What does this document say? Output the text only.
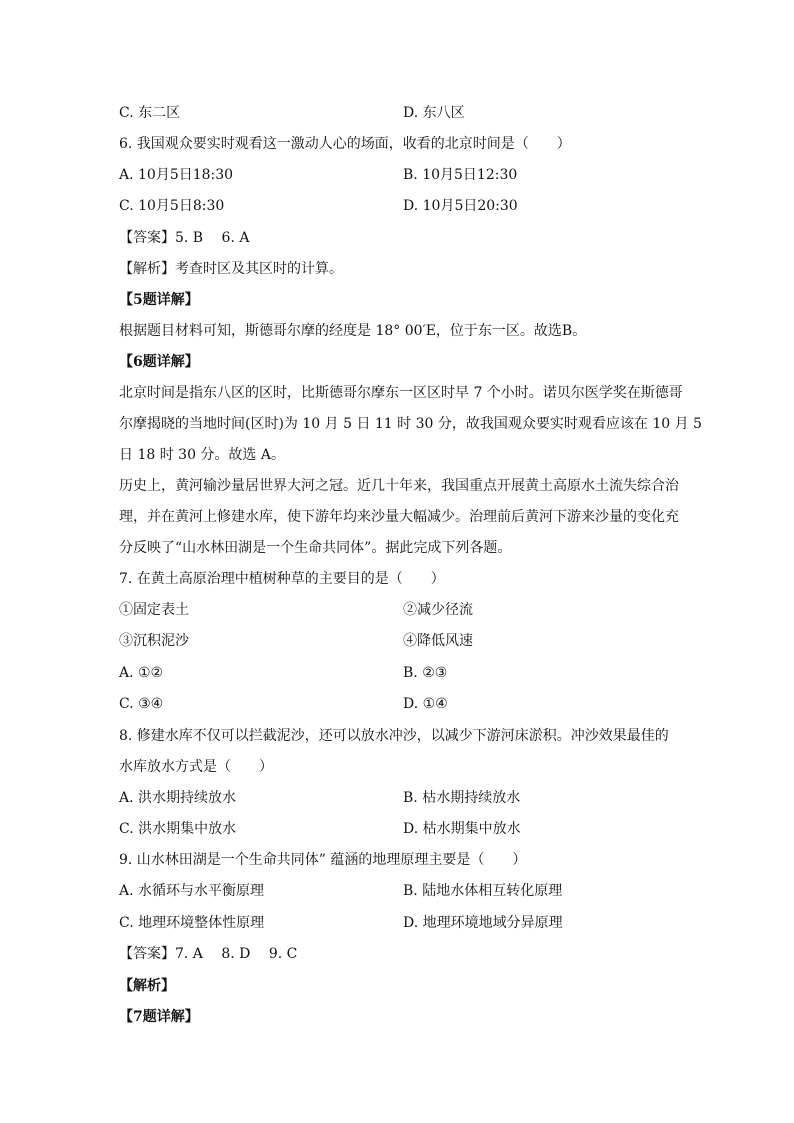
C. 东二区	D. 东八区
6. 我国观众要实时观看这一激动人心的场面，收看的北京时间是（　　）
A. 10月5日18:30	B. 10月5日12:30
C. 10月5日8:30	D. 10月5日20:30
【答案】5. B　 6. A
【解析】考查时区及其区时的计算。
【5题详解】
根据题目材料可知，斯德哥尔摩的经度是 18° 00′E，位于东一区。故选B。
【6题详解】
北京时间是指东八区的区时，比斯德哥尔摩东一区区时早 7 个小时。诺贝尔医学奖在斯德哥
尔摩揭晓的当地时间(区时)为 10 月 5 日 11 时 30 分，故我国观众要实时观看应该在 10 月 5
日 18 时 30 分。故选 A。
历史上，黄河输沙量居世界大河之冠。近几十年来，我国重点开展黄土高原水土流失综合治
理，并在黄河上修建水库，使下游年均来沙量大幅减少。治理前后黄河下游来沙量的变化充
分反映了“山水林田湖是一个生命共同体”。据此完成下列各题。
7. 在黄土高原治理中植树种草的主要目的是（　　）
①固定表土	②减少径流
③沉积泥沙	④降低风速
A. ①②	B. ②③
C. ③④	D. ①④
8. 修建水库不仅可以拦截泥沙，还可以放水冲沙，以减少下游河床淤积。冲沙效果最佳的
水库放水方式是（　　）
A. 洪水期持续放水	B. 枯水期持续放水
C. 洪水期集中放水	D. 枯水期集中放水
9. 山水林田湖是一个生命共同体” 蕴涵的地理原理主要是（　　）
A. 水循环与水平衡原理	B. 陆地水体相互转化原理
C. 地理环境整体性原理	D. 地理环境地域分异原理
【答案】7. A　 8. D　 9. C
【解析】
【7题详解】
